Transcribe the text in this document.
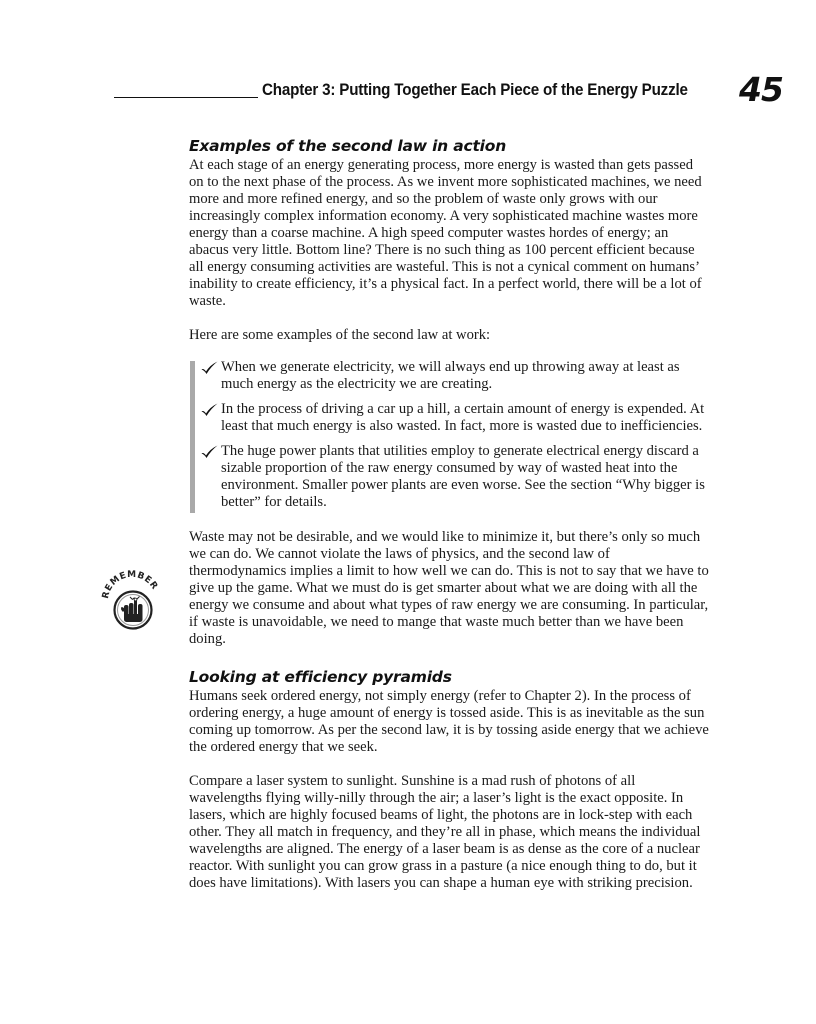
Chapter 3: Putting Together Each Piece of the Energy Puzzle 45
REMEMBER
Examples of the second law in action

At each stage of an energy generating process, more energy is wasted than gets passed on to the next phase of the process. As we invent more sophisticated machines, we need more and more refined energy, and so the problem of waste only grows with our increasingly complex information economy. A very sophisticated machine wastes more energy than a coarse machine. A high speed computer wastes hordes of energy; an abacus very little. Bottom line? There is no such thing as 100 percent efficient because all energy consuming activities are wasteful. This is not a cynical comment on humans’ inability to create efficiency, it’s a physical fact. In a perfect world, there will be a lot of waste.

Here are some examples of the second law at work:

When we generate electricity, we will always end up throwing away at least as much energy as the electricity we are creating.
In the process of driving a car up a hill, a certain amount of energy is expended. At least that much energy is also wasted. In fact, more is wasted due to inefficiencies.
The huge power plants that utilities employ to generate electrical energy discard a sizable proportion of the raw energy consumed by way of wasted heat into the environment. Smaller power plants are even worse. See the section “Why bigger is better” for details.

Waste may not be desirable, and we would like to minimize it, but there’s only so much we can do. We cannot violate the laws of physics, and the second law of thermodynamics implies a limit to how well we can do. This is not to say that we have to give up the game. What we must do is get smarter about what we are doing with all the energy we consume and about what types of raw energy we are consuming. In particular, if waste is unavoidable, we need to mange that waste much better than we have been doing.

Looking at efficiency pyramids

Humans seek ordered energy, not simply energy (refer to Chapter 2). In the process of ordering energy, a huge amount of energy is tossed aside. This is as inevitable as the sun coming up tomorrow. As per the second law, it is by tossing aside energy that we achieve the ordered energy that we seek.

Compare a laser system to sunlight. Sunshine is a mad rush of photons of all wavelengths flying willy-nilly through the air; a laser’s light is the exact opposite. In lasers, which are highly focused beams of light, the photons are in lock-step with each other. They all match in frequency, and they’re all in phase, which means the individual wavelengths are aligned. The energy of a laser beam is as dense as the core of a nuclear reactor. With sunlight you can grow grass in a pasture (a nice enough thing to do, but it does have limitations). With lasers you can shape a human eye with striking precision.
